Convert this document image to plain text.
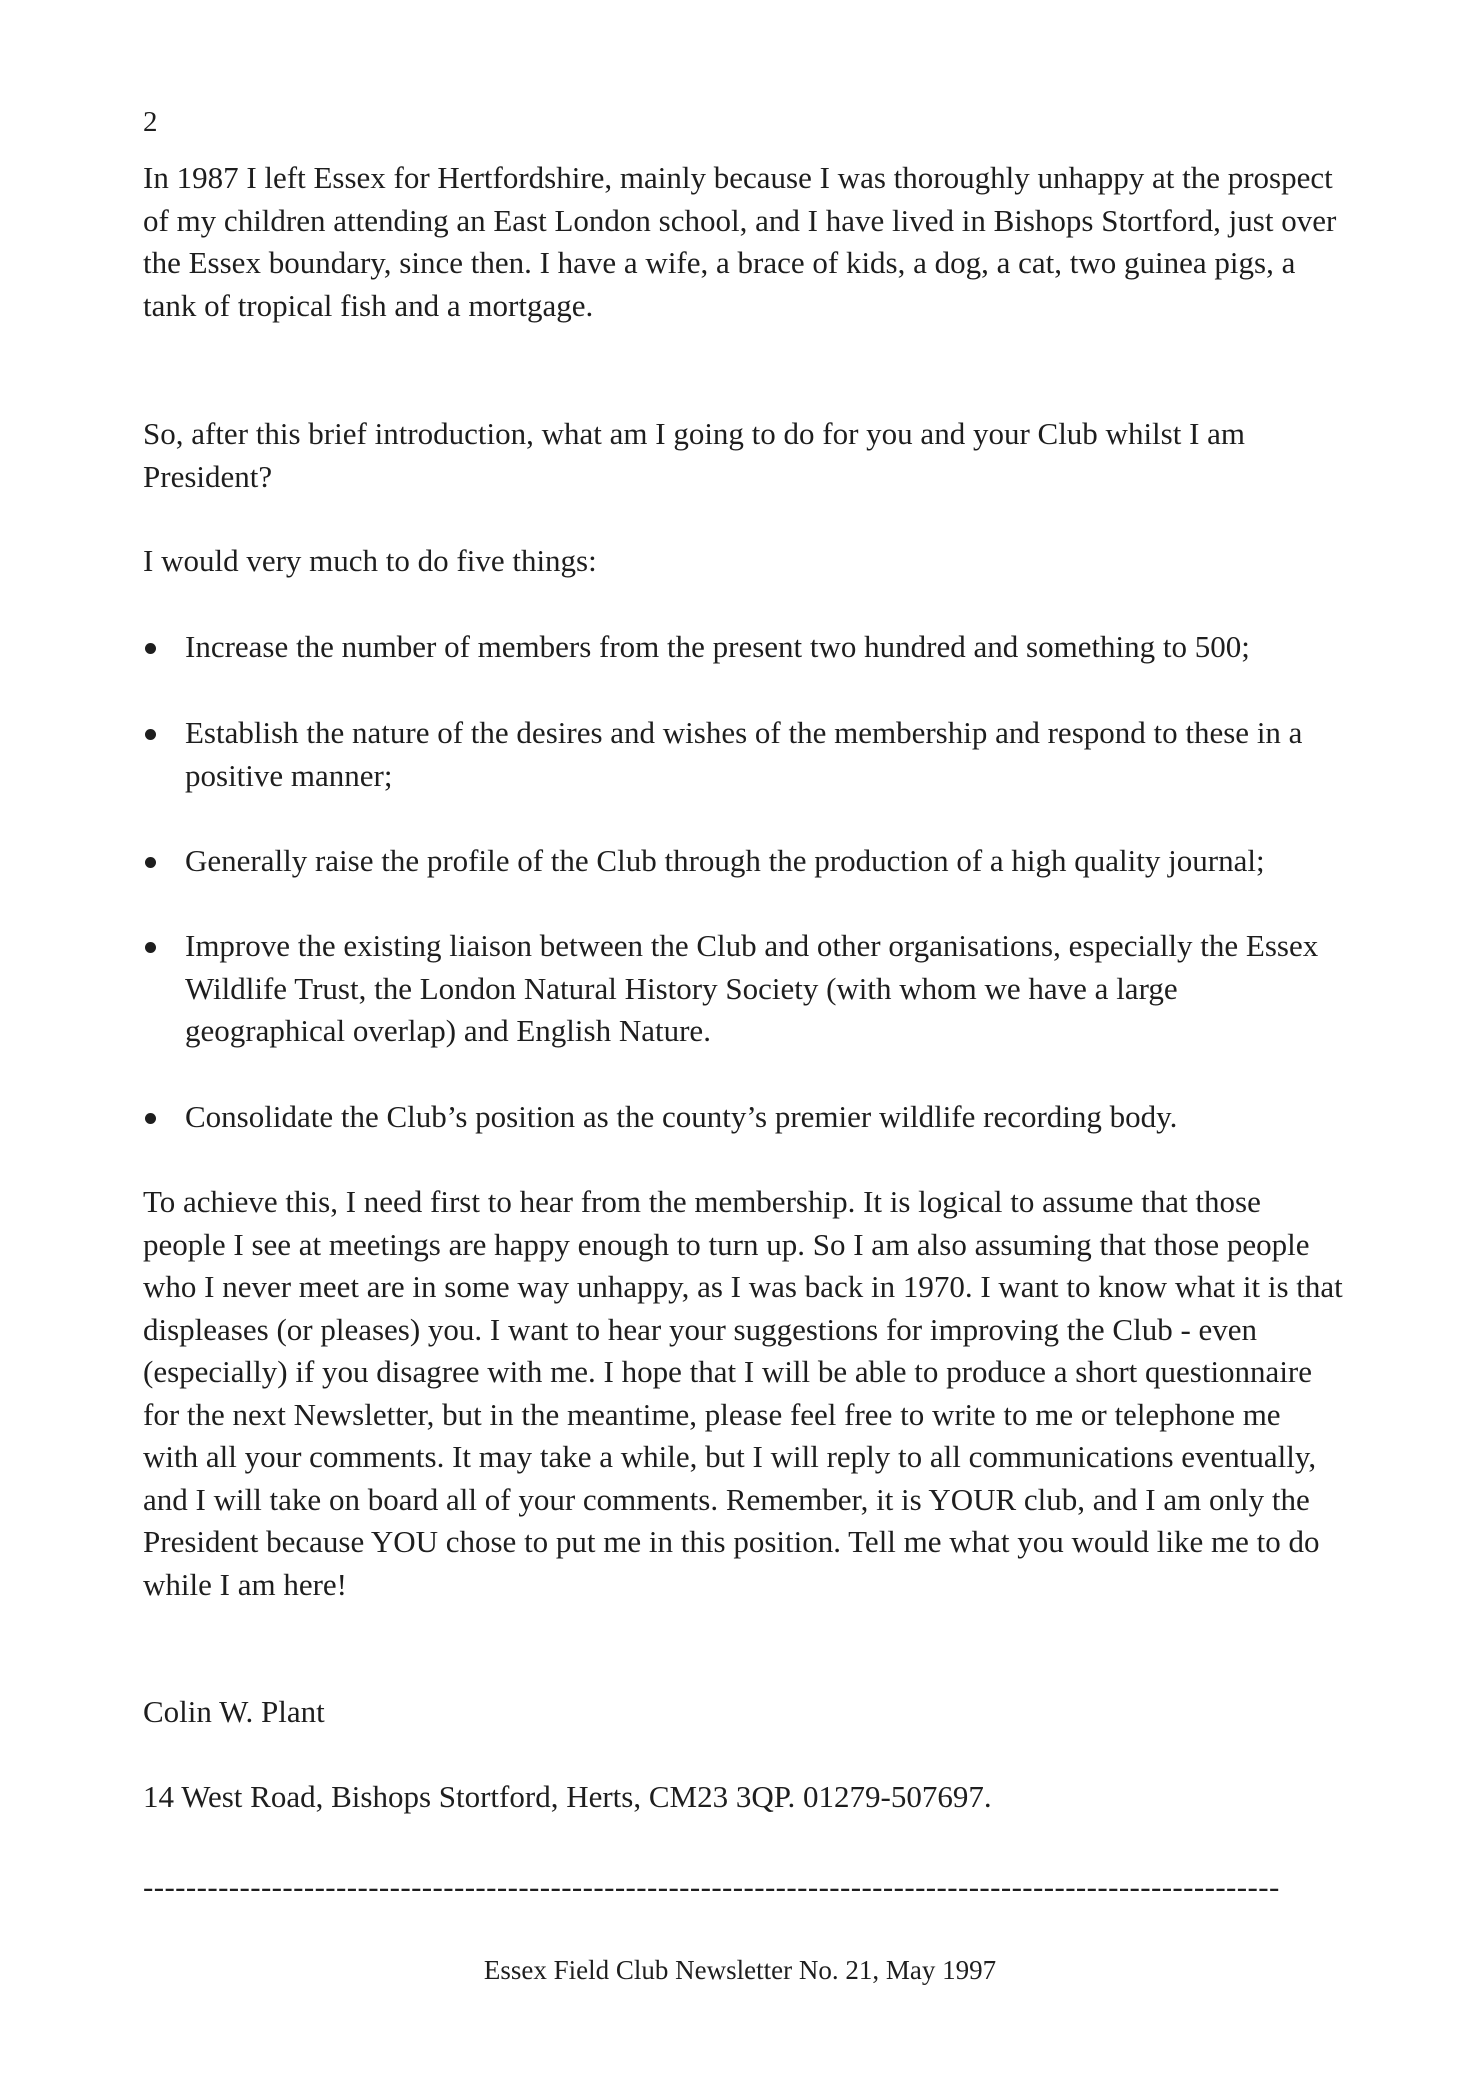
2

In 1987 I left Essex for Hertfordshire, mainly because I was thoroughly unhappy at the prospect of my children attending an East London school, and I have lived in Bishops Stortford, just over the Essex boundary, since then. I have a wife, a brace of kids, a dog, a cat, two guinea pigs, a tank of tropical fish and a mortgage.

So, after this brief introduction, what am I going to do for you and your Club whilst I am President?

I would very much to do five things:

Increase the number of members from the present two hundred and something to 500;
Establish the nature of the desires and wishes of the membership and respond to these in a positive manner;
Generally raise the profile of the Club through the production of a high quality journal;
Improve the existing liaison between the Club and other organisations, especially the Essex Wildlife Trust, the London Natural History Society (with whom we have a large geographical overlap) and English Nature.
Consolidate the Club’s position as the county’s premier wildlife recording body.

To achieve this, I need first to hear from the membership. It is logical to assume that those people I see at meetings are happy enough to turn up. So I am also assuming that those people who I never meet are in some way unhappy, as I was back in 1970. I want to know what it is that displeases (or pleases) you. I want to hear your suggestions for improving the Club - even (especially) if you disagree with me. I hope that I will be able to produce a short questionnaire for the next Newsletter, but in the meantime, please feel free to write to me or telephone me with all your comments. It may take a while, but I will reply to all communications eventually, and I will take on board all of your comments. Remember, it is YOUR club, and I am only the President because YOU chose to put me in this position. Tell me what you would like me to do while I am here!

Colin W. Plant

14 West Road, Bishops Stortford, Herts, CM23 3QP. 01279-507697.

----------------------------------------------------------------------------------------------------------
Essex Field Club Newsletter No. 21, May 1997
